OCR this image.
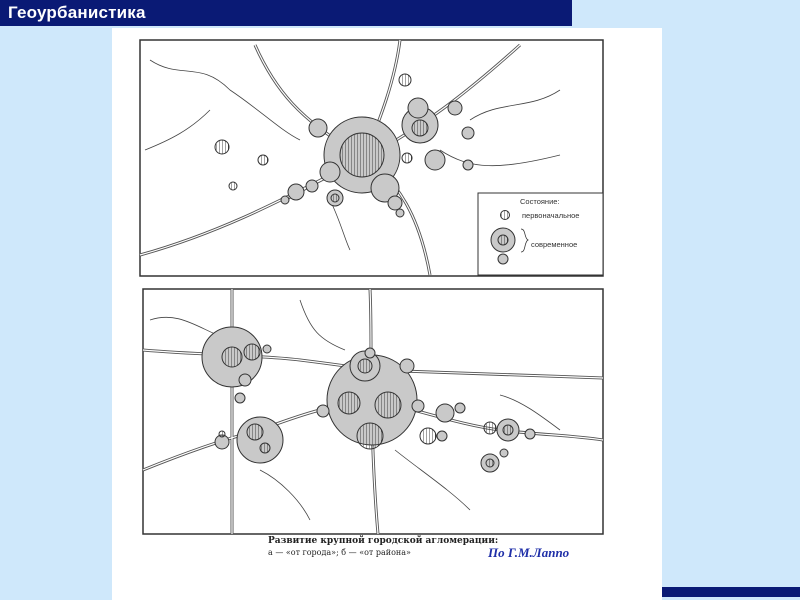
Геоурбанистика
Состояние:
первоначальное
современное
Развитие крупной городской агломерации:
а — «от города»; б — «от района»	По Г.М.Лаппо
